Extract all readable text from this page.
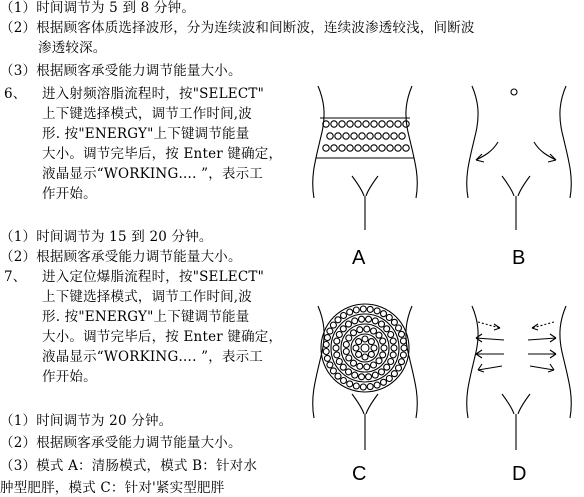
（1）时间调节为 5 到 8 分钟。
（2）根据顾客体质选择波形，分为连续波和间断波，连续波渗透较浅，间断波
渗透较深。
（3）根据顾客承受能力调节能量大小。
6、 进入射频溶脂流程时，按"SELECT"
上下键选择模式，调节工作时间,波
形. 按"ENERGY"上下键调节能量
大小。调节完毕后，按 Enter 键确定，
液晶显示“WORKING…. ”，表示工
作开始。
（1）时间调节为 15 到 20 分钟。
（2）根据顾客承受能力调节能量大小。
7、 进入定位爆脂流程时，按"SELECT"
上下键选择模式，调节工作时间,波
形. 按"ENERGY"上下键调节能量
大小。调节完毕后，按 Enter 键确定，
液晶显示“WORKING…. ”，表示工
作开始。
（1）时间调节为 20 分钟。
（2）根据顾客承受能力调节能量大小。
（3）模式 A：清肠模式，模式 B：针对水
肿型肥胖，模式 C：针对'紧实型肥胖
A	B
C	D
